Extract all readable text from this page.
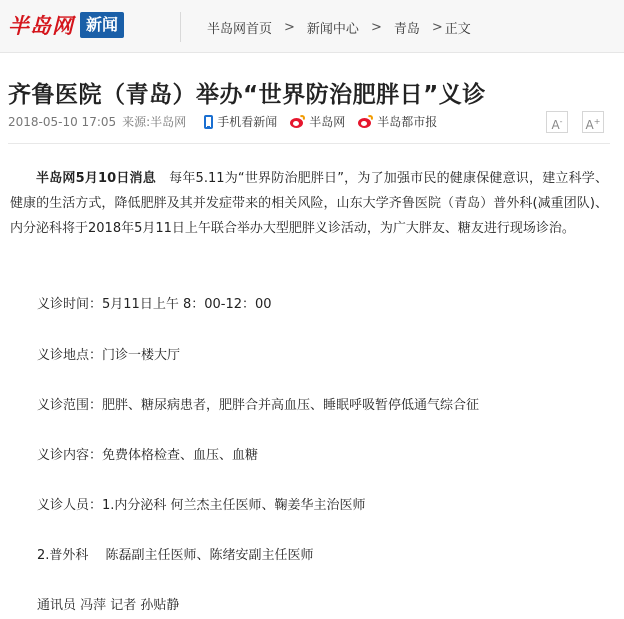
半岛网 新闻	半岛网首页 > 新闻中心 > 青岛 > 正文
齐鲁医院（青岛）举办“世界防治肥胖日”义诊
2018-05-10 17:05 来源:半岛网	手机看新闻	半岛网	半岛都市报	A-	A+

半岛网5月10日消息　每年5.11为“世界防治肥胖日”，为了加强市民的健康保健意识，建立科学、健康的生活方式，降低肥胖及其并发症带来的相关风险，山东大学齐鲁医院（青岛）普外科(减重团队)、内分泌科将于2018年5月11日上午联合举办大型肥胖义诊活动，为广大胖友、糖友进行现场诊治。

义诊时间：5月11日上午 8：00-12：00

义诊地点：门诊一楼大厅

义诊范围：肥胖、糖尿病患者，肥胖合并高血压、睡眠呼吸暂停低通气综合征

义诊内容：免费体格检查、血压、血糖

义诊人员：1.内分泌科 何兰杰主任医师、鞠姜华主治医师

2.普外科　 陈磊副主任医师、陈绪安副主任医师

通讯员 冯萍 记者 孙贴静
